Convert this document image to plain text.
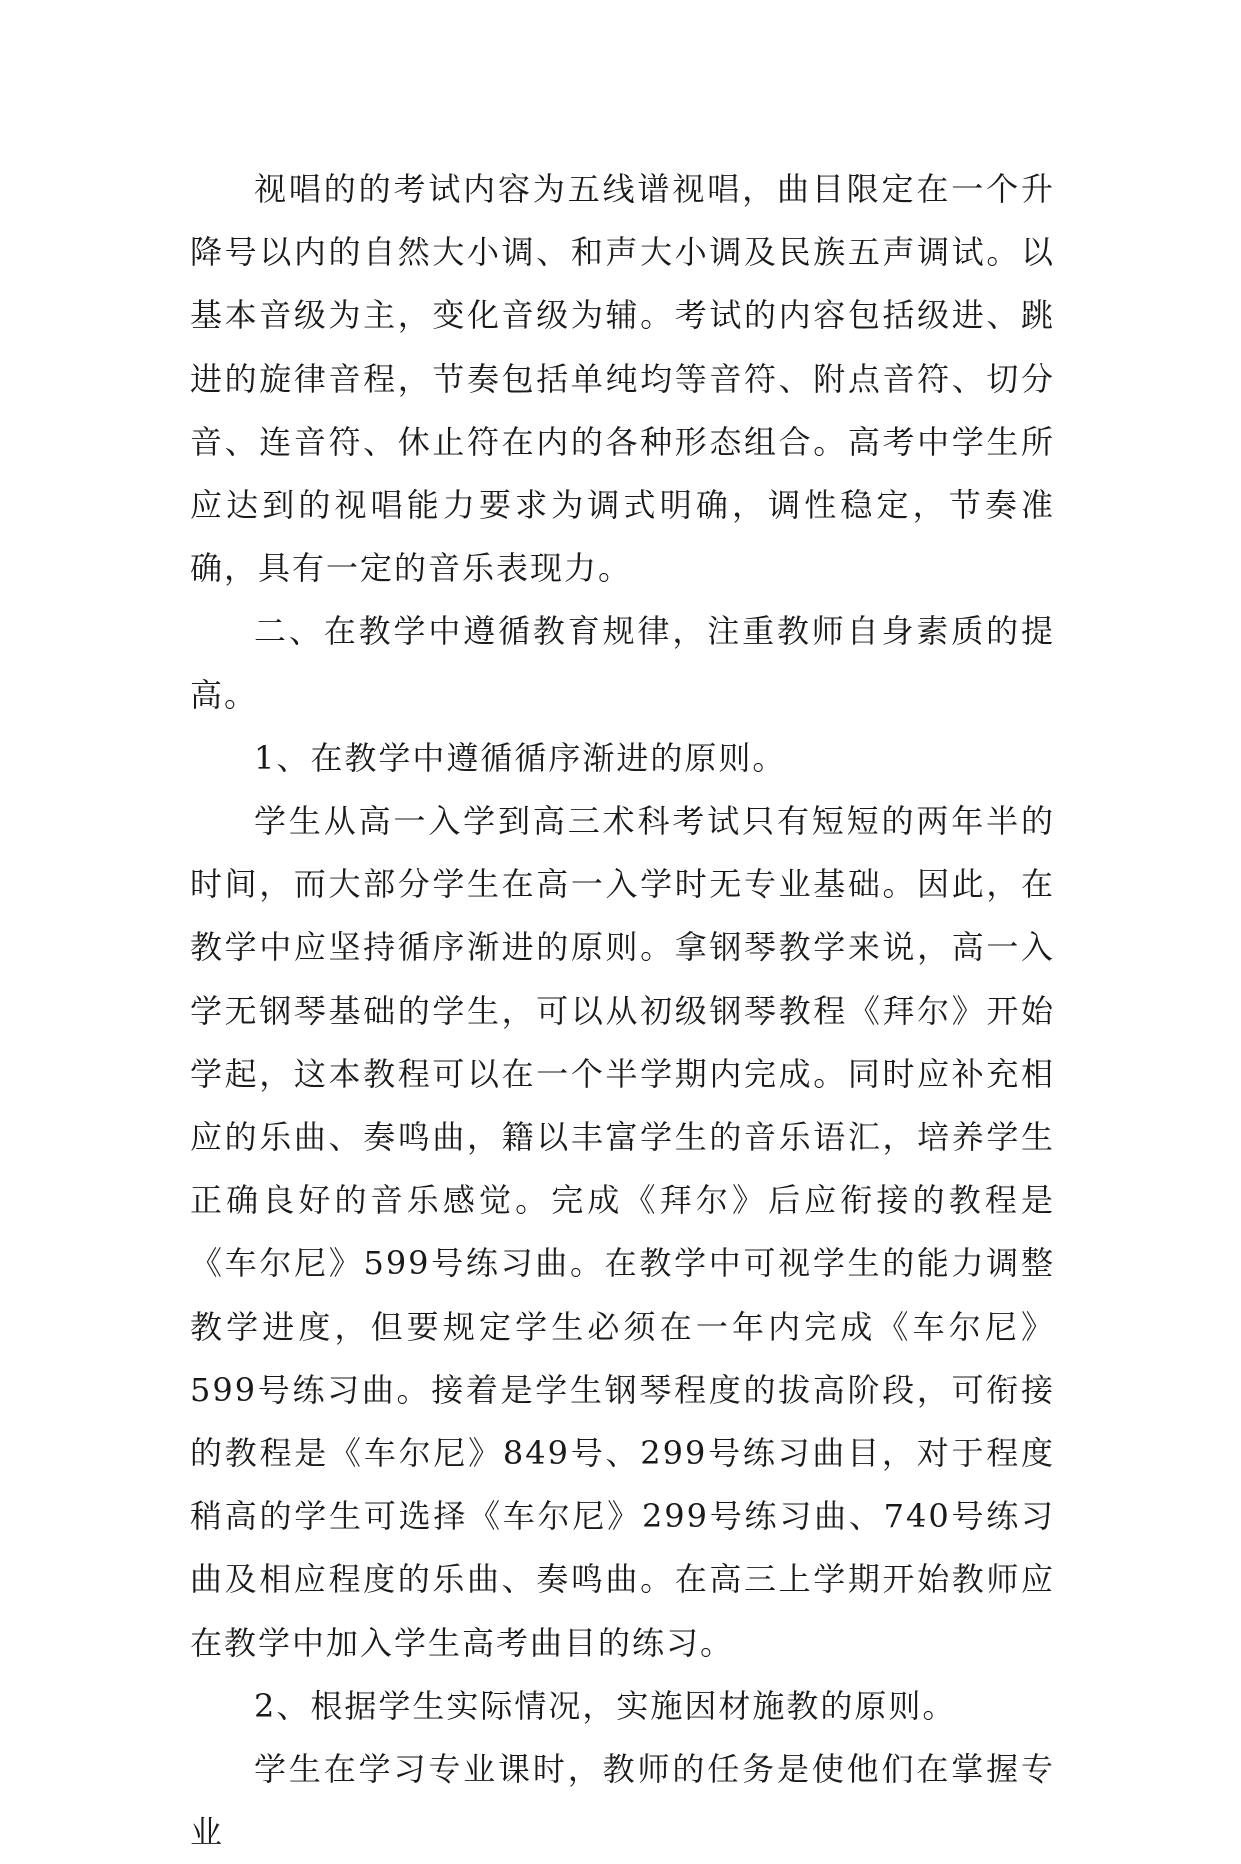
视唱的的考试内容为五线谱视唱，曲目限定在一个升降号以内的自然大小调、和声大小调及民族五声调试。以基本音级为主，变化音级为辅。考试的内容包括级进、跳进的旋律音程，节奏包括单纯均等音符、附点音符、切分音、连音符、休止符在内的各种形态组合。高考中学生所应达到的视唱能力要求为调式明确，调性稳定，节奏准确，具有一定的音乐表现力。

二、在教学中遵循教育规律，注重教师自身素质的提高。

1、在教学中遵循循序渐进的原则。

学生从高一入学到高三术科考试只有短短的两年半的时间，而大部分学生在高一入学时无专业基础。因此，在教学中应坚持循序渐进的原则。拿钢琴教学来说，高一入学无钢琴基础的学生，可以从初级钢琴教程《拜尔》开始学起，这本教程可以在一个半学期内完成。同时应补充相应的乐曲、奏鸣曲，籍以丰富学生的音乐语汇，培养学生正确良好的音乐感觉。完成《拜尔》后应衔接的教程是《车尔尼》599号练习曲。在教学中可视学生的能力调整教学进度，但要规定学生必须在一年内完成《车尔尼》599号练习曲。接着是学生钢琴程度的拔高阶段，可衔接的教程是《车尔尼》849号、299号练习曲目，对于程度稍高的学生可选择《车尔尼》299号练习曲、740号练习曲及相应程度的乐曲、奏鸣曲。在高三上学期开始教师应在教学中加入学生高考曲目的练习。

2、根据学生实际情况，实施因材施教的原则。

学生在学习专业课时，教师的任务是使他们在掌握专业
